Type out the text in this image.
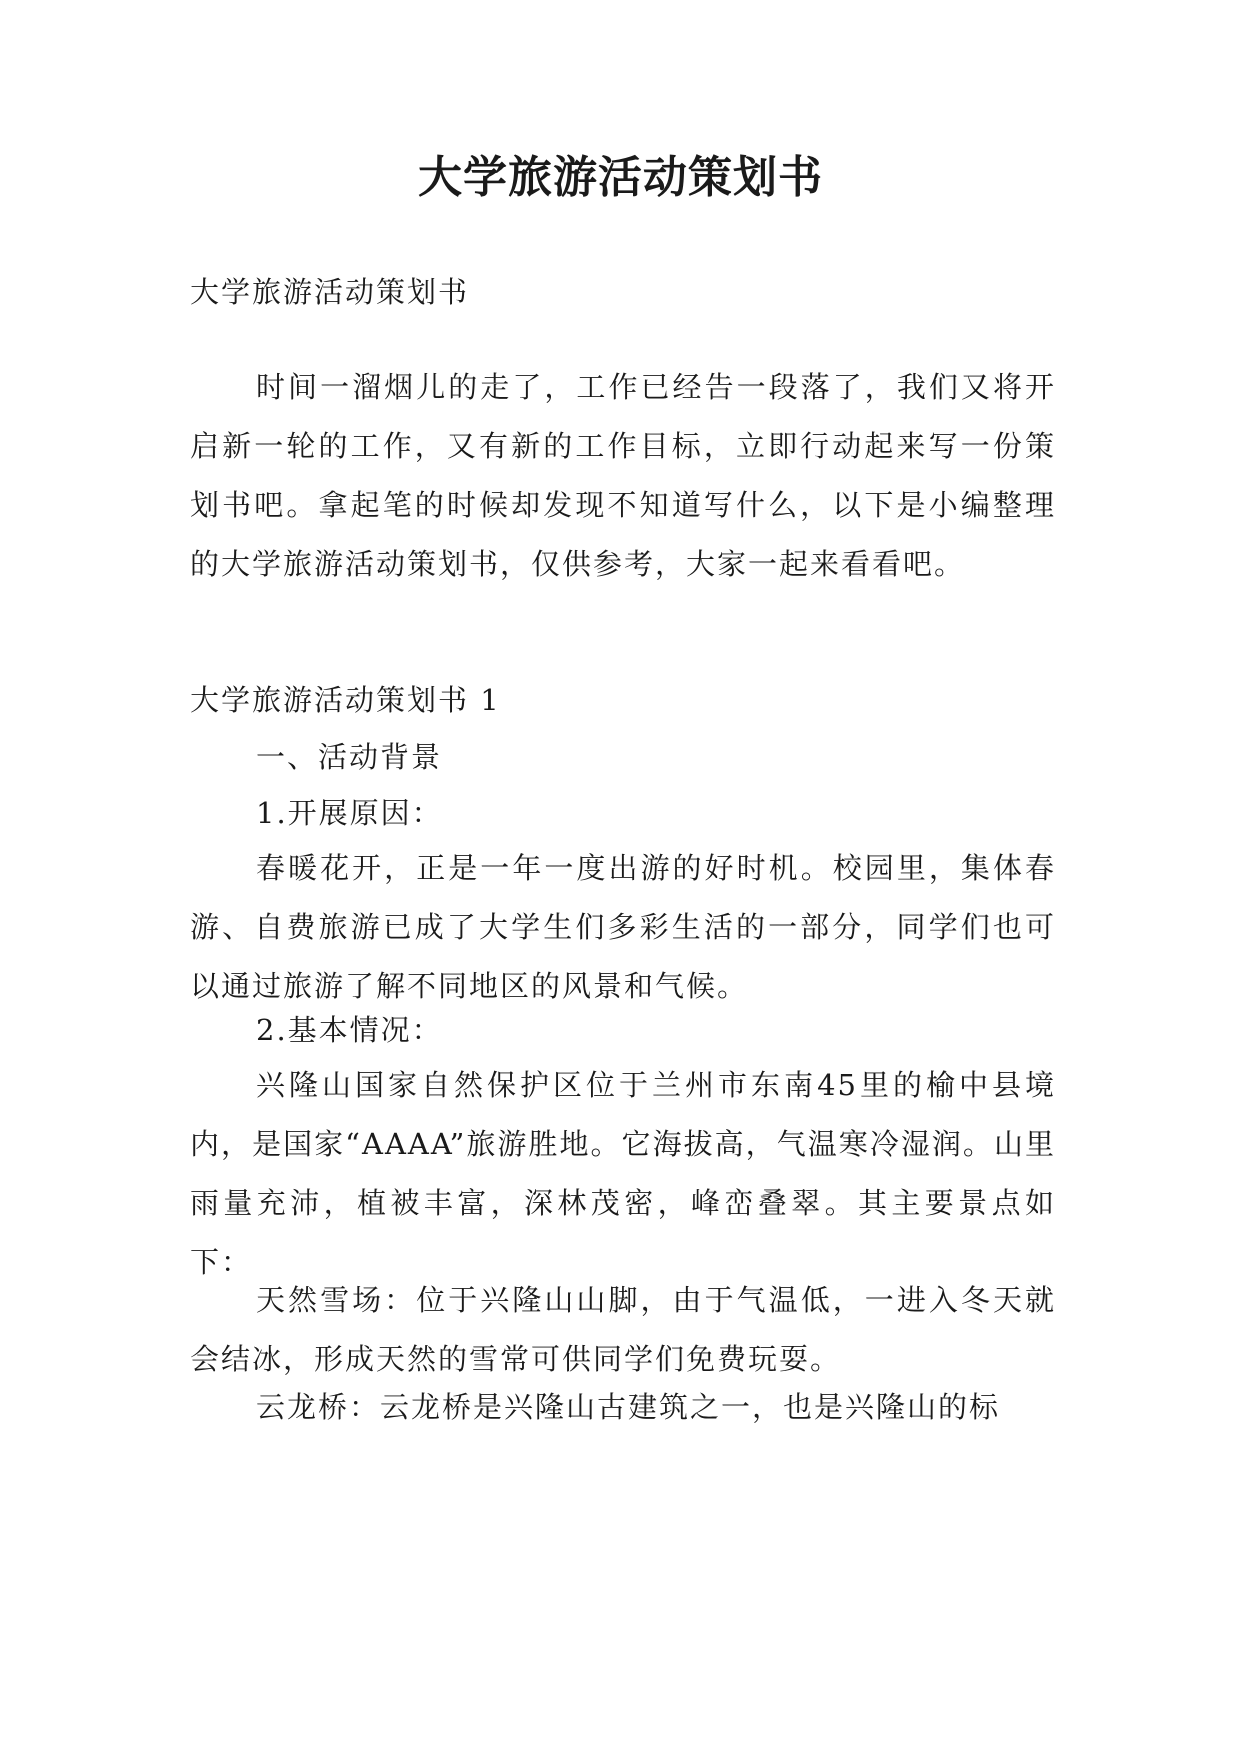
大学旅游活动策划书

大学旅游活动策划书

时间一溜烟儿的走了，工作已经告一段落了，我们又将开启新一轮的工作，又有新的工作目标，立即行动起来写一份策划书吧。拿起笔的时候却发现不知道写什么，以下是小编整理的大学旅游活动策划书，仅供参考，大家一起来看看吧。

大学旅游活动策划书 1

一、活动背景

1.开展原因：

春暖花开，正是一年一度出游的好时机。校园里，集体春游、自费旅游已成了大学生们多彩生活的一部分，同学们也可以通过旅游了解不同地区的风景和气候。

2.基本情况：

兴隆山国家自然保护区位于兰州市东南45里的榆中县境内，是国家“AAAA”旅游胜地。它海拔高，气温寒冷湿润。山里雨量充沛，植被丰富，深林茂密，峰峦叠翠。其主要景点如下：

天然雪场：位于兴隆山山脚，由于气温低，一进入冬天就会结冰，形成天然的雪常可供同学们免费玩耍。

云龙桥：云龙桥是兴隆山古建筑之一，也是兴隆山的标
